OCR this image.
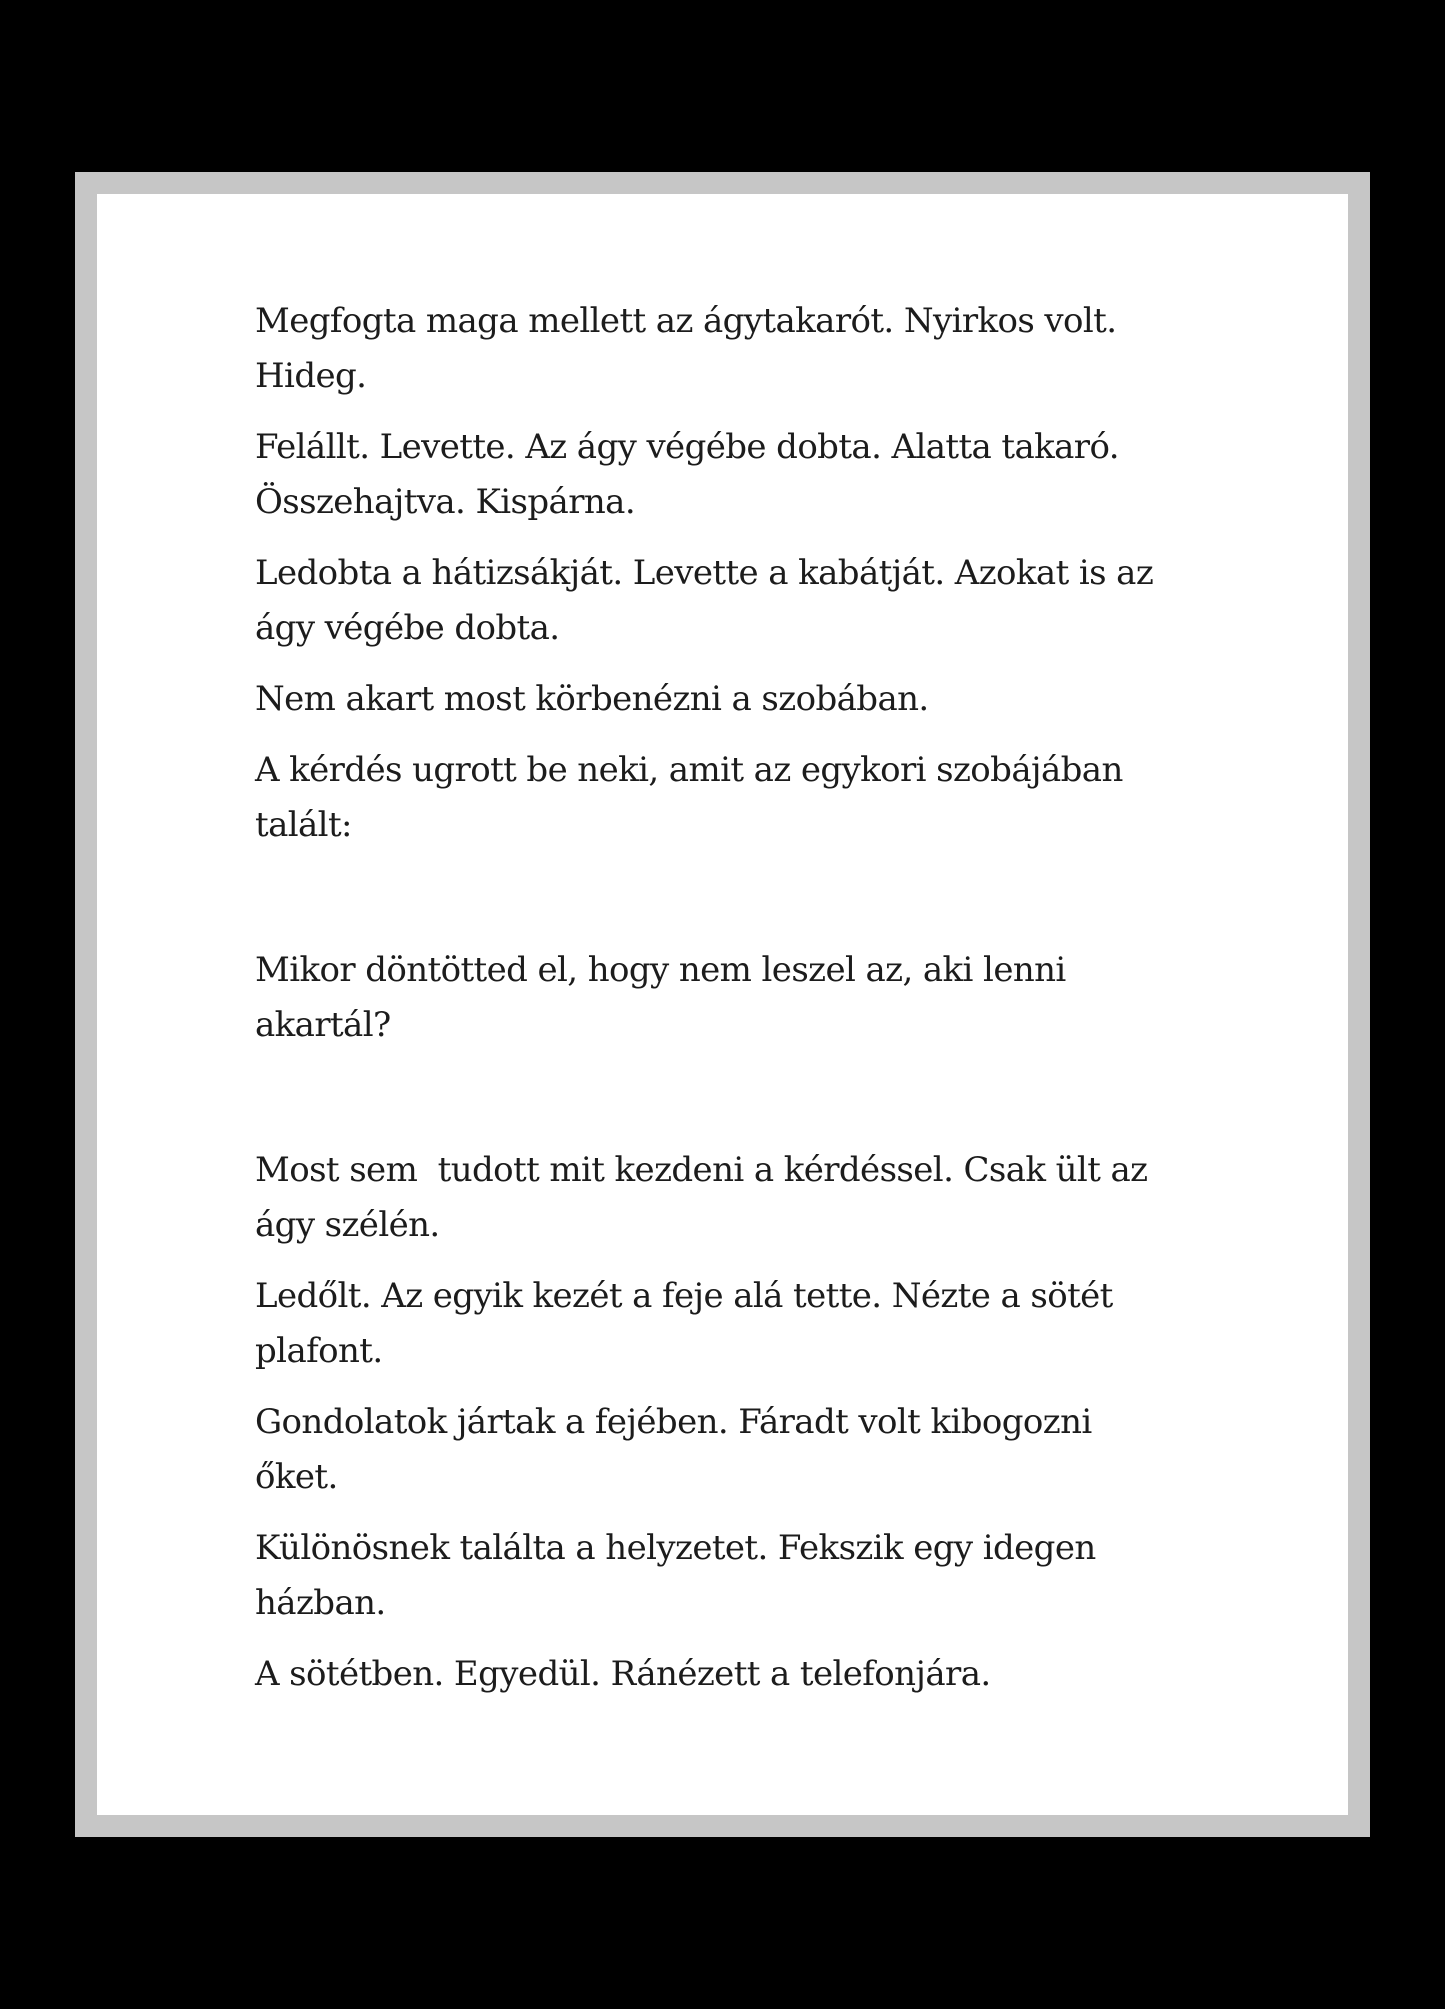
Megfogta maga mellett az ágytakarót. Nyirkos volt. Hideg.

Felállt. Levette. Az ágy végébe dobta. Alatta takaró. Összehajtva. Kispárna.

Ledobta a hátizsákját. Levette a kabátját. Azokat is az ágy végébe dobta.

Nem akart most körbenézni a szobában.

A kérdés ugrott be neki, amit az egykori szobájában talált:

Mikor döntötted el, hogy nem leszel az, aki lenni akartál?

Most sem  tudott mit kezdeni a kérdéssel. Csak ült az ágy szélén.

Ledőlt. Az egyik kezét a feje alá tette. Nézte a sötét plafont.

Gondolatok jártak a fejében. Fáradt volt kibogozni őket.

Különösnek találta a helyzetet. Fekszik egy idegen házban.

A sötétben. Egyedül. Ránézett a telefonjára.
